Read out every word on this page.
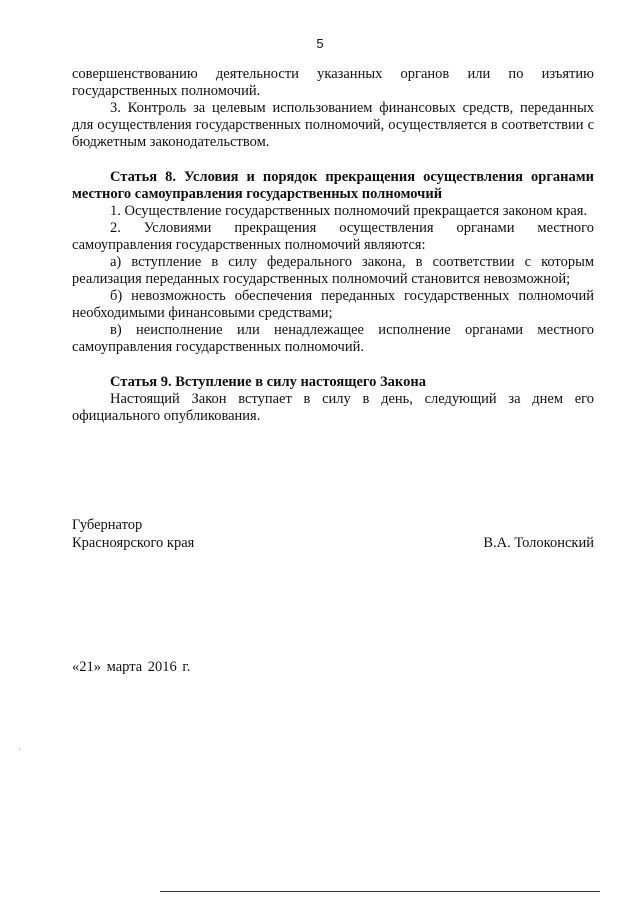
5

совершенствованию деятельности указанных органов или по изъятию государственных полномочий.

3. Контроль за целевым использованием финансовых средств, переданных для осуществления государственных полномочий, осуществляется в соответствии с бюджетным законодательством.

Статья 8. Условия и порядок прекращения осуществления органами местного самоуправления государственных полномочий

1. Осуществление государственных полномочий прекращается законом края.

2. Условиями прекращения осуществления органами местного самоуправления государственных полномочий являются:

а) вступление в силу федерального закона, в соответствии с которым реализация переданных государственных полномочий становится невозможной;

б) невозможность обеспечения переданных государственных полномочий необходимыми финансовыми средствами;

в) неисполнение или ненадлежащее исполнение органами местного самоуправления государственных полномочий.

Статья 9. Вступление в силу настоящего Закона

Настоящий Закон вступает в силу в день, следующий за днем его официального опубликования.

Губернатор
Красноярского края	В.А. Толоконский
«21» марта 2016 г.
·
